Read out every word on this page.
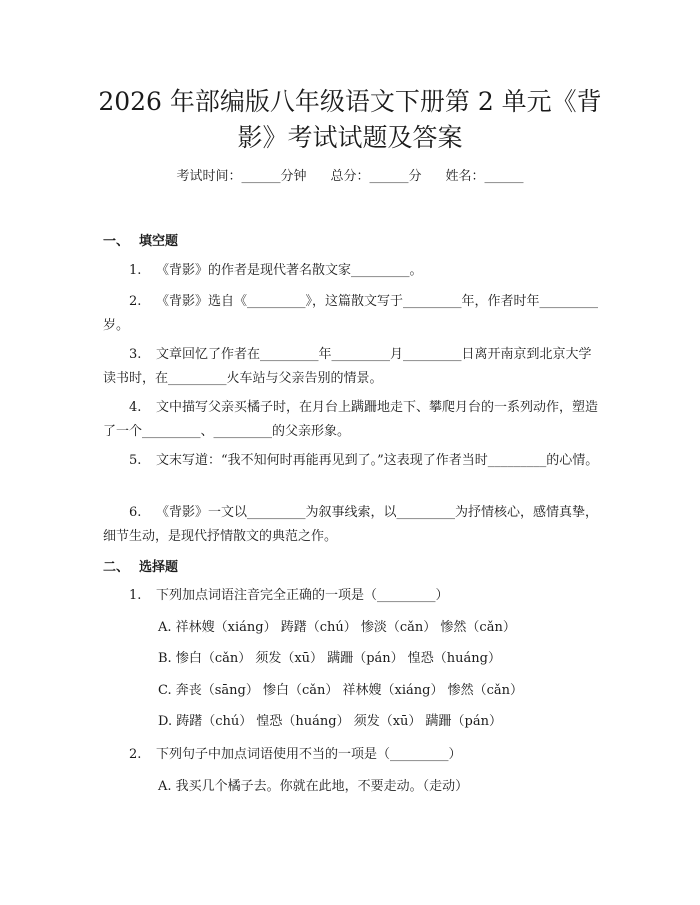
2026 年部编版八年级语文下册第 2 单元《背
影》考试试题及答案
考试时间：______分钟 总分：______分 姓名：______
一、 填空题
1. 《背影》的作者是现代著名散文家_________。
2. 《背影》选自《_________》，这篇散文写于_________年，作者时年_________岁。
3. 文章回忆了作者在_________年_________月_________日离开南京到北京大学读书时，在_________火车站与父亲告别的情景。
4. 文中描写父亲买橘子时，在月台上蹒跚地走下、攀爬月台的一系列动作，塑造了一个_________、_________的父亲形象。
5. 文末写道：“我不知何时再能再见到了。”这表现了作者当时_________的心情。
6. 《背影》一文以_________为叙事线索，以_________为抒情核心，感情真挚，细节生动，是现代抒情散文的典范之作。
二、 选择题
1. 下列加点词语注音完全正确的一项是（_________）
A. 祥林嫂（xiáng） 踌躇（chú） 惨淡（cǎn） 惨然（cǎn）
B. 惨白（cǎn） 须发（xū） 蹒跚（pán） 惶恐（huáng）
C. 奔丧（sāng） 惨白（cǎn） 祥林嫂（xiáng） 惨然（cǎn）
D. 踌躇（chú） 惶恐（huáng） 须发（xū） 蹒跚（pán）
2. 下列句子中加点词语使用不当的一项是（_________）
A. 我买几个橘子去。你就在此地，不要走动。（走动）
